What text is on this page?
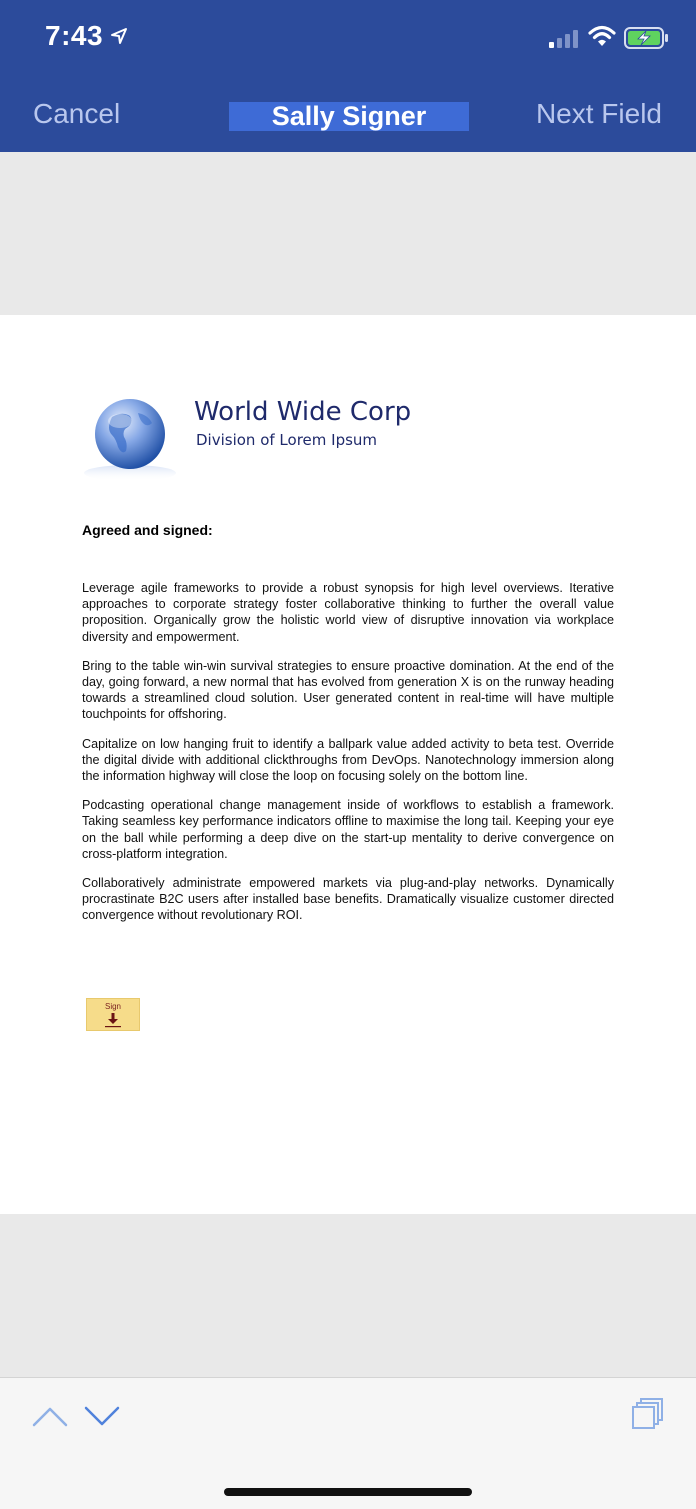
7:43
Cancel	Sally Signer	Next Field
World Wide Corp
Division of Lorem Ipsum
Agreed and signed:

Leverage agile frameworks to provide a robust synopsis for high level overviews. Iterative approaches to corporate strategy foster collaborative thinking to further the overall value proposition. Organically grow the holistic world view of disruptive innovation via workplace diversity and empowerment.

Bring to the table win-win survival strategies to ensure proactive domination. At the end of the day, going forward, a new normal that has evolved from generation X is on the runway heading towards a streamlined cloud solution. User generated content in real-time will have multiple touchpoints for offshoring.

Capitalize on low hanging fruit to identify a ballpark value added activity to beta test. Override the digital divide with additional clickthroughs from DevOps. Nanotechnology immersion along the information highway will close the loop on focusing solely on the bottom line.

Podcasting operational change management inside of workflows to establish a framework. Taking seamless key performance indicators offline to maximise the long tail. Keeping your eye on the ball while performing a deep dive on the start-up mentality to derive convergence on cross-platform integration.

Collaboratively administrate empowered markets via plug-and-play networks. Dynamically procrastinate B2C users after installed base benefits. Dramatically visualize customer directed convergence without revolutionary ROI.

Sign
